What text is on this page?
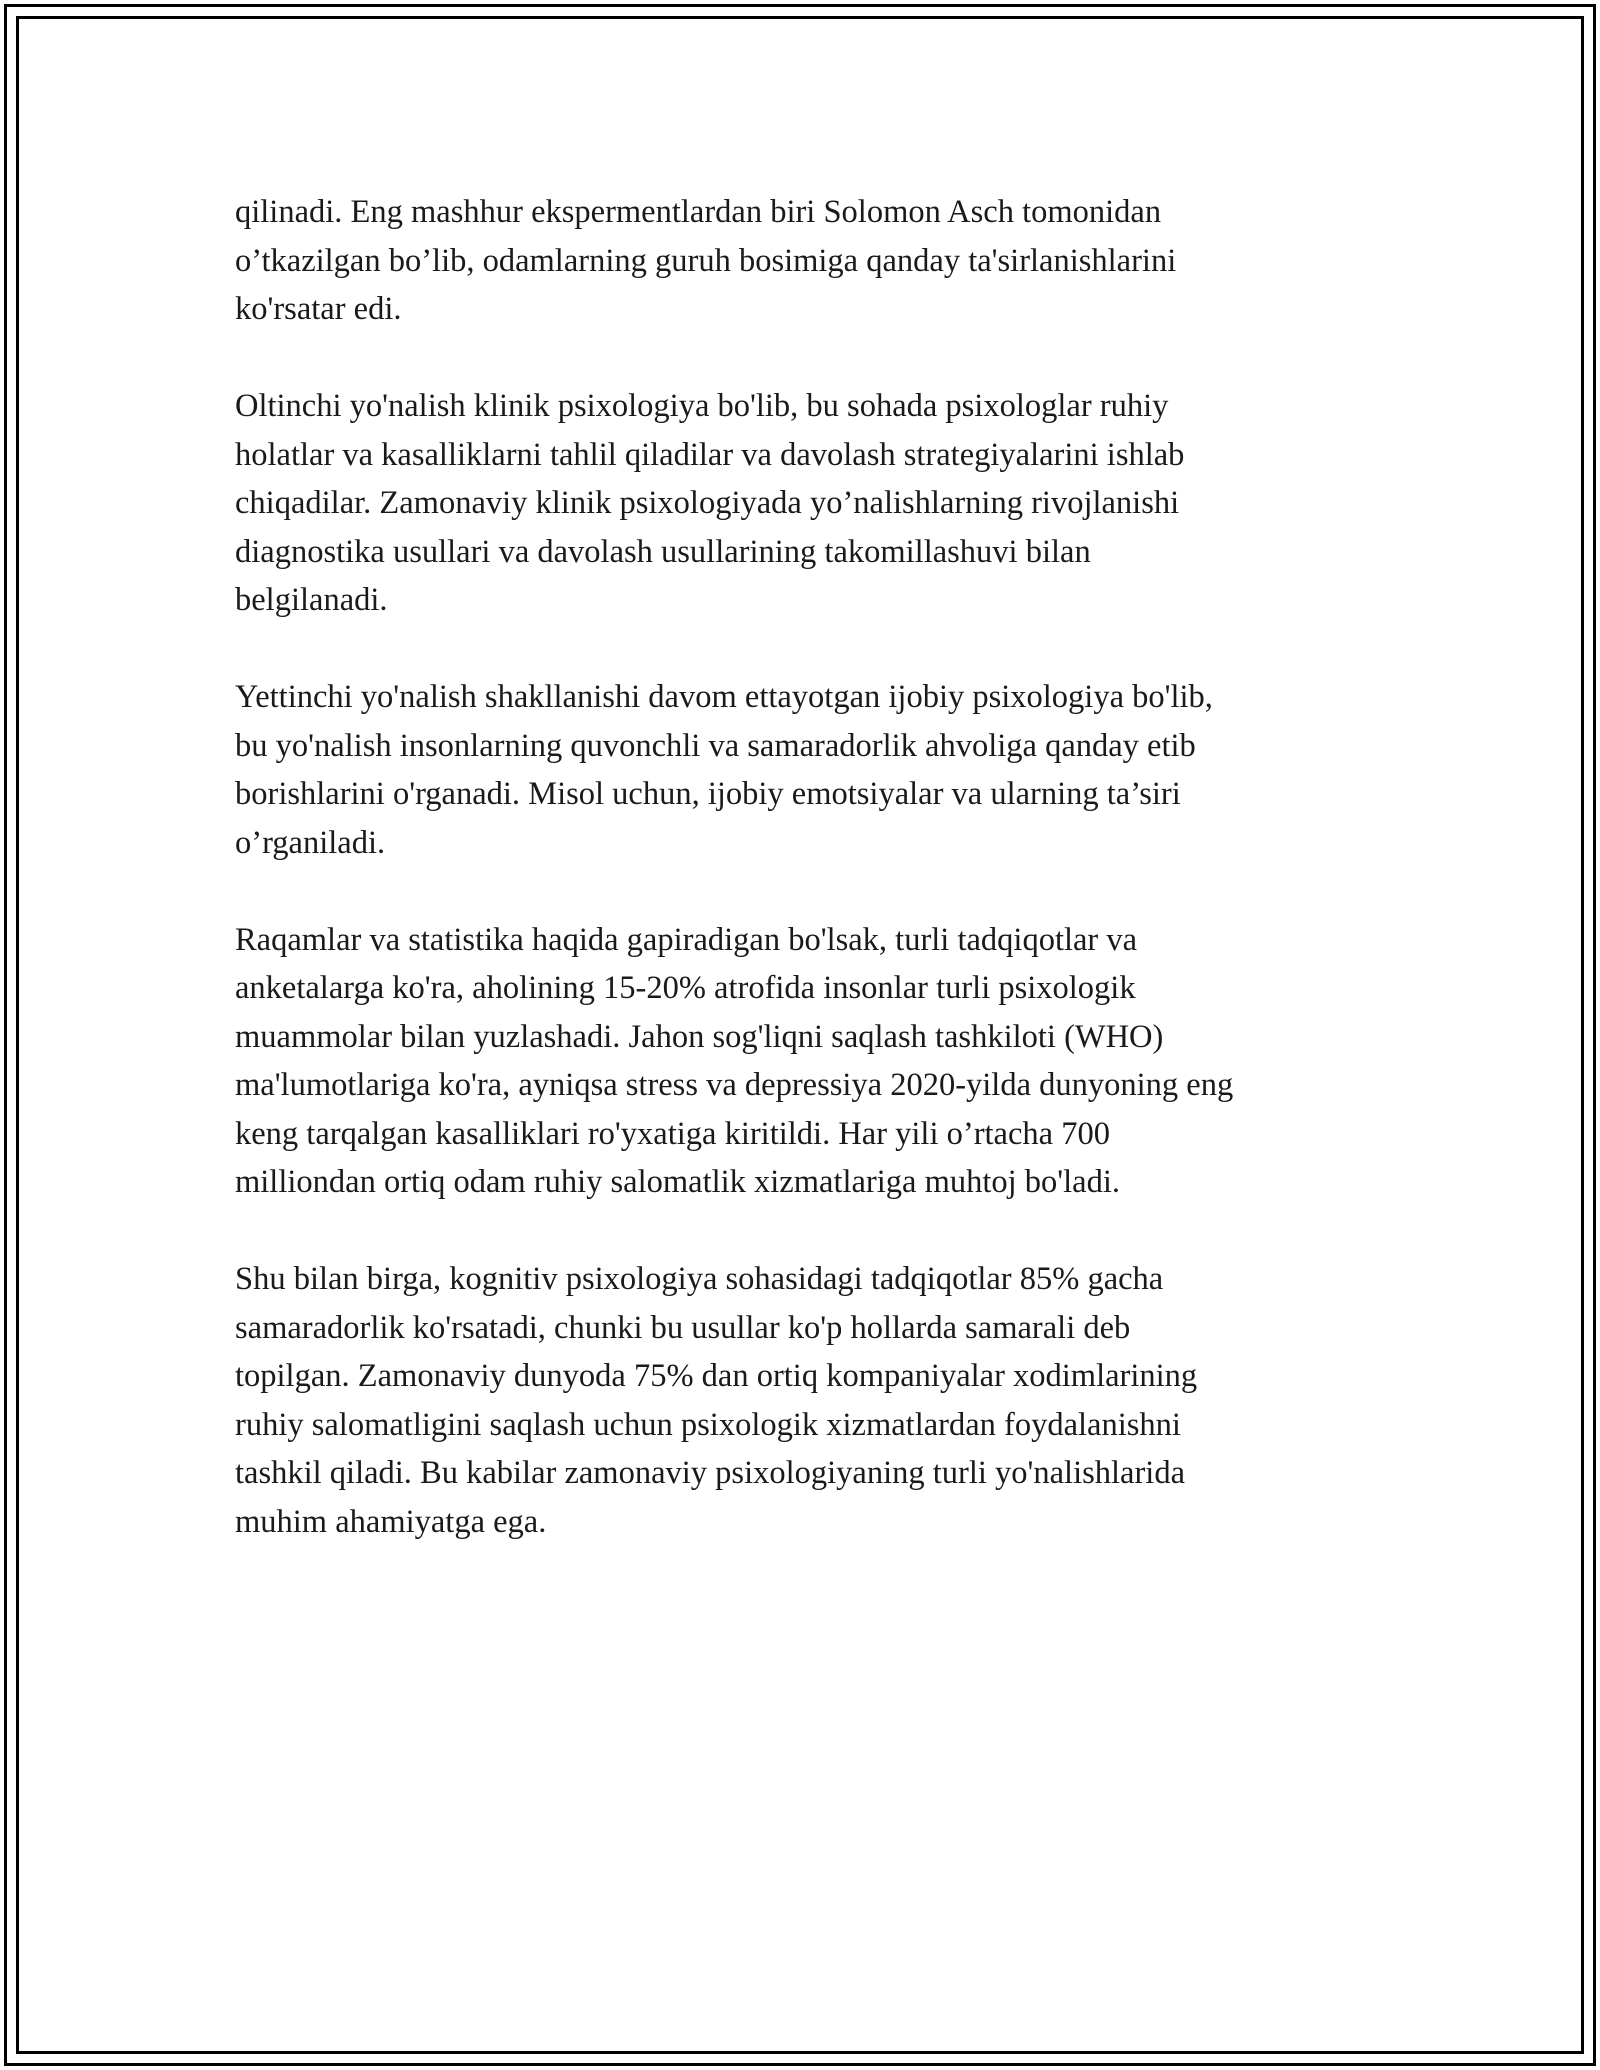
qilinadi. Eng mashhur ekspermentlardan biri Solomon Asch tomonidan
o’tkazilgan bo’lib, odamlarning guruh bosimiga qanday ta'sirlanishlarini
ko'rsatar edi.

Oltinchi yo'nalish klinik psixologiya bo'lib, bu sohada psixologlar ruhiy
holatlar va kasalliklarni tahlil qiladilar va davolash strategiyalarini ishlab
chiqadilar. Zamonaviy klinik psixologiyada yo’nalishlarning rivojlanishi
diagnostika usullari va davolash usullarining takomillashuvi bilan
belgilanadi.

Yettinchi yo'nalish shakllanishi davom ettayotgan ijobiy psixologiya bo'lib,
bu yo'nalish insonlarning quvonchli va samaradorlik ahvoliga qanday etib
borishlarini o'rganadi. Misol uchun, ijobiy emotsiyalar va ularning ta’siri
o’rganiladi.

Raqamlar va statistika haqida gapiradigan bo'lsak, turli tadqiqotlar va
anketalarga ko'ra, aholining 15-20% atrofida insonlar turli psixologik
muammolar bilan yuzlashadi. Jahon sog'liqni saqlash tashkiloti (WHO)
ma'lumotlariga ko'ra, ayniqsa stress va depressiya 2020-yilda dunyoning eng
keng tarqalgan kasalliklari ro'yxatiga kiritildi. Har yili o’rtacha 700
milliondan ortiq odam ruhiy salomatlik xizmatlariga muhtoj bo'ladi.

Shu bilan birga, kognitiv psixologiya sohasidagi tadqiqotlar 85% gacha
samaradorlik ko'rsatadi, chunki bu usullar ko'p hollarda samarali deb
topilgan. Zamonaviy dunyoda 75% dan ortiq kompaniyalar xodimlarining
ruhiy salomatligini saqlash uchun psixologik xizmatlardan foydalanishni
tashkil qiladi. Bu kabilar zamonaviy psixologiyaning turli yo'nalishlarida
muhim ahamiyatga ega.
